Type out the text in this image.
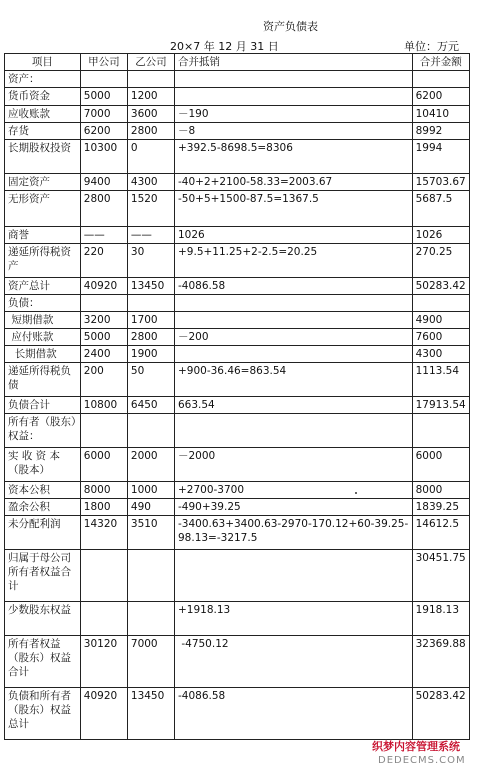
资产负债表
20×7 年 12 月 31 日	单位：万元
项目	甲公司	乙公司	合并抵销	合并金额
资产：				
货币资金	5000	1200		6200
应收账款	7000	3600	－190	10410
存货	6200	2800	－8	8992
长期股权投资	10300	0	+392.5-8698.5=8306	1994
固定资产	9400	4300	-40+2+2100-58.33=2003.67	15703.67
无形资产	2800	1520	-50+5+1500-87.5=1367.5	5687.5
商誉	——	——	1026	1026
递延所得税资产	220	30	+9.5+11.25+2-2.5=20.25	270.25
资产总计	40920	13450	-4086.58	50283.42
负债：				
短期借款	3200	1700		4900
应付账款	5000	2800	－200	7600
长期借款	2400	1900		4300
递延所得税负债	200	50	+900-36.46=863.54	1113.54
负债合计	10800	6450	663.54	17913.54
所有者（股东）权益：				
实 收 资 本（股本）	6000	2000	－2000	6000
资本公积	8000	1000	+2700-3700	8000
盈余公积	1800	490	-490+39.25	1839.25
未分配利润	14320	3510	-3400.63+3400.63-2970-170.12+60-39.25-98.13=-3217.5	14612.5
归属于母公司所有者权益合计				30451.75
少数股东权益			+1918.13	1918.13
所有者权益（股东）权益合计	30120	7000	-4750.12	32369.88
负债和所有者（股东）权益总计	40920	13450	-4086.58	50283.42
织梦内容管理系统
DEDECMS.COM
